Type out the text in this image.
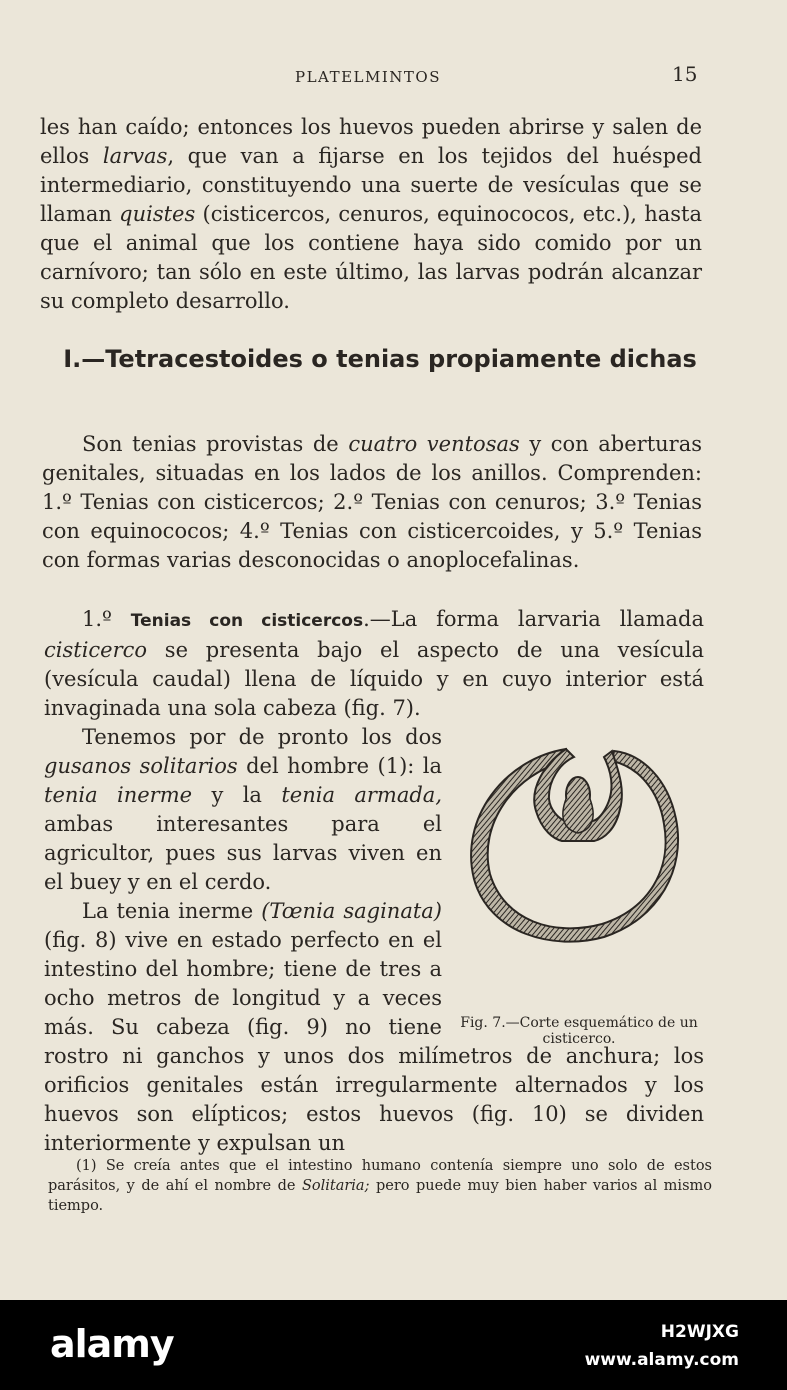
PLATELMINTOS	15

les han caído; entonces los huevos pueden abrirse y salen de ellos larvas, que van a fijarse en los tejidos del huésped intermediario, constituyendo una suerte de vesículas que se llaman quistes (cisticercos, cenuros, equinococos, etc.), hasta que el animal que los contiene haya sido comido por un carnívoro; tan sólo en este último, las larvas podrán alcanzar su completo desarrollo.

I.—Tetracestoides o tenias propiamente dichas

Son tenias provistas de cuatro ventosas y con aberturas genitales, situadas en los lados de los anillos. Comprenden: 1.º Tenias con cisticercos; 2.º Tenias con cenuros; 3.º Tenias con equinococos; 4.º Tenias con cisticercoides, y 5.º Tenias con formas varias desconocidas o anoplocefalinas.

1.º Tenias con cisticercos.—La forma larvaria llamada cisticerco se presenta bajo el aspecto de una vesícula (vesícula caudal) llena de líquido y en cuyo interior está invaginada una sola cabeza (fig. 7).

Fig. 7.—Corte esquemático de un cisticerco.

Tenemos por de pronto los dos gusanos solitarios del hombre (1): la tenia inerme y la tenia armada, ambas interesantes para el agricultor, pues sus larvas viven en el buey y en el cerdo.

La tenia inerme (Tœnia saginata) (fig. 8) vive en estado perfecto en el intestino del hombre; tiene de tres a ocho metros de longitud y a veces más. Su cabeza (fig. 9) no tiene rostro ni ganchos y unos dos milímetros de anchura; los orificios genitales están irregularmente alternados y los huevos son elípticos; estos huevos (fig. 10) se dividen interiormente y expulsan un

(1) Se creía antes que el intestino humano contenía siempre uno solo de estos parásitos, y de ahí el nombre de Solitaria; pero puede muy bien haber varios al mismo tiempo.

alamy	H2WJXG
www.alamy.com
